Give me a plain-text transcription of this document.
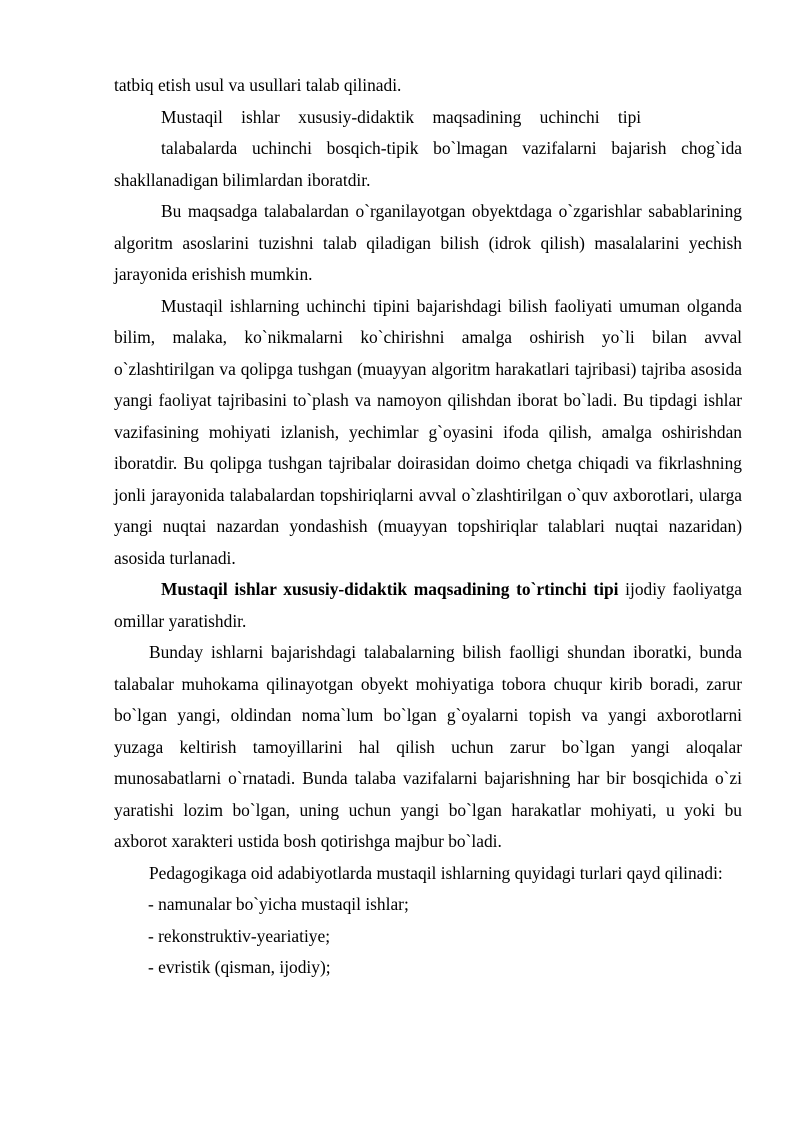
tatbiq etish usul va usullari talab qilinadi.

Mustaqil ishlar xususiy-didaktik maqsadining uchinchi tipi

talabalarda uchinchi bosqich-tipik bo`lmagan vazifalarni bajarish chog`ida shakllanadigan bilimlardan iboratdir.

Bu maqsadga talabalardan o`rganilayotgan obyektdaga o`zgarishlar sabablarining algoritm asoslarini tuzishni talab qiladigan bilish (idrok qilish) masalalarini yechish jarayonida erishish mumkin.

Mustaqil ishlarning uchinchi tipini bajarishdagi bilish faoliyati umuman olganda bilim, malaka, ko`nikmalarni ko`chirishni amalga oshirish yo`li bilan avval o`zlashtirilgan va qolipga tushgan (muayyan algoritm harakatlari tajribasi) tajriba asosida yangi faoliyat tajribasini to`plash va namoyon qilishdan iborat bo`ladi. Bu tipdagi ishlar vazifasining mohiyati izlanish, yechimlar g`oyasini ifoda qilish, amalga oshirishdan iboratdir. Bu qolipga tushgan tajribalar doirasidan doimo chetga chiqadi va fikrlashning jonli jarayonida talabalardan topshiriqlarni avval o`zlashtirilgan o`quv axborotlari, ularga yangi nuqtai nazardan yondashish (muayyan topshiriqlar talablari nuqtai nazaridan) asosida turlanadi.

Mustaqil ishlar xususiy-didaktik maqsadining to`rtinchi tipi ijodiy faoliyatga omillar yaratishdir.

Bunday ishlarni bajarishdagi talabalarning bilish faolligi shundan iboratki, bunda talabalar muhokama qilinayotgan obyekt mohiyatiga tobora chuqur kirib boradi, zarur bo`lgan yangi, oldindan noma`lum bo`lgan g`oyalarni topish va yangi axborotlarni yuzaga keltirish tamoyillarini hal qilish uchun zarur bo`lgan yangi aloqalar munosabatlarni o`rnatadi. Bunda talaba vazifalarni bajarishning har bir bosqichida o`zi yaratishi lozim bo`lgan, uning uchun yangi bo`lgan harakatlar mohiyati, u yoki bu axborot xarakteri ustida bosh qotirishga majbur bo`ladi.

Pedagogikaga oid adabiyotlarda mustaqil ishlarning quyidagi turlari qayd qilinadi:

- namunalar bo`yicha mustaqil ishlar;

- rekonstruktiv-yeariatiye;

- evristik (qisman, ijodiy);
